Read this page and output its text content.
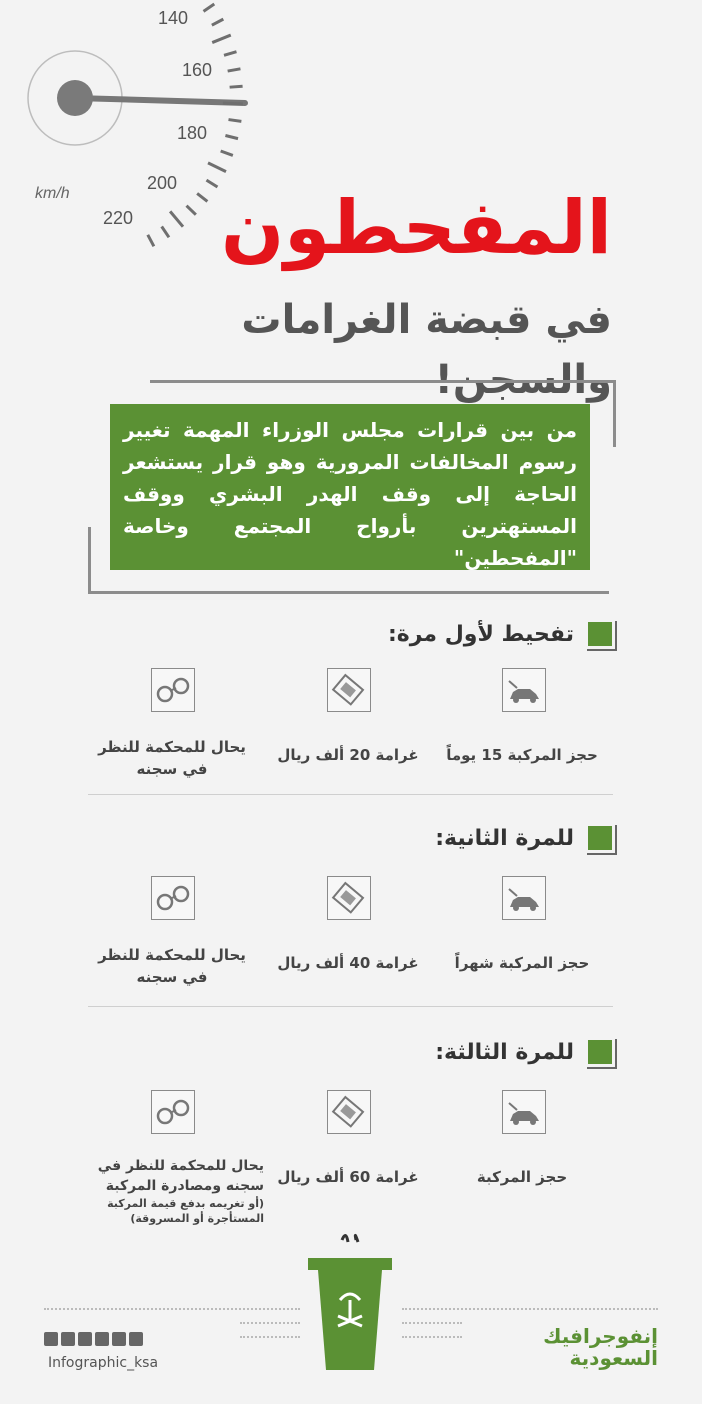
140
160
180
200
220
km/h	المفحطون
في قبضة الغرامات والسجن!
من بين قرارات مجلس الوزراء المهمة تغيير رسوم المخالفات المرورية وهو قرار يستشعر الحاجة إلى وقف الهدر البشري ووقف المستهترين بأرواح المجتمع وخاصة "المفحطين"
تفحيط لأول مرة:
للمرة الثانية:
للمرة الثالثة:
حجز المركبة 15 يوماً
غرامة 20 ألف ريال
يحال للمحكمة للنظر في سجنه
حجز المركبة شهراً
غرامة 40 ألف ريال
يحال للمحكمة للنظر في سجنه
حجز المركبة
غرامة 60 ألف ريال
يحال للمحكمة للنظر في سجنه ومصادرة المركبة
(أو تغريمه بدفع قيمة المركبة المستأجرة أو المسروقة)
Infographic_ksa
إنفوجرافيك
السعودية
